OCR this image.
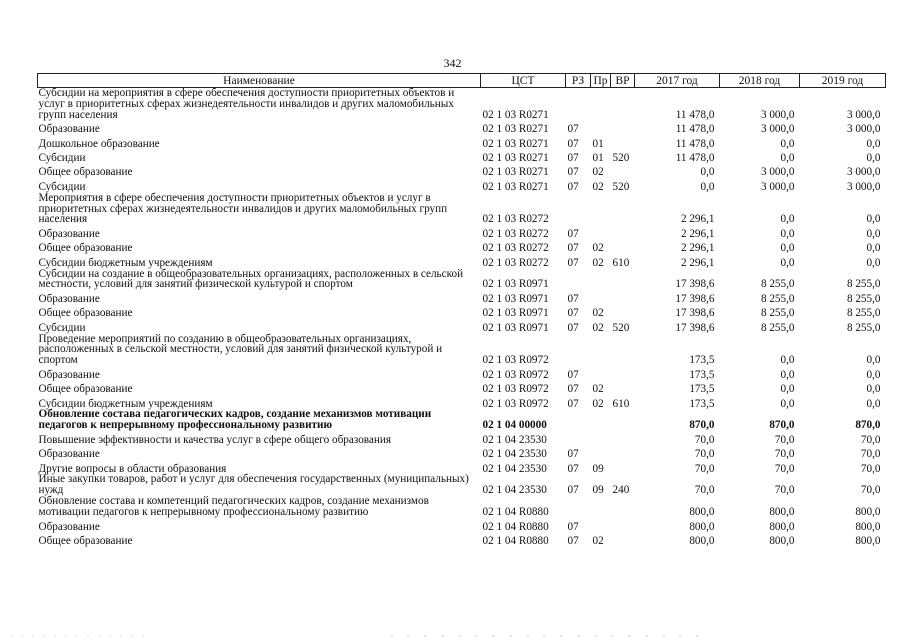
342
Наименование	ЦСТ	РЗ	Пр	ВР	2017 год	2018 год	2019 год
Субсидии на мероприятия в сфере обеспечения доступности приоритетных объектов и услуг в приоритетных сферах жизнедеятельности инвалидов и других маломобильных групп населения	02 1 03 R0271				11 478,0	3 000,0	3 000,0
Образование	02 1 03 R0271	07			11 478,0	3 000,0	3 000,0
Дошкольное образование	02 1 03 R0271	07	01		11 478,0	0,0	0,0
Субсидии	02 1 03 R0271	07	01	520	11 478,0	0,0	0,0
Общее образование	02 1 03 R0271	07	02		0,0	3 000,0	3 000,0
Субсидии	02 1 03 R0271	07	02	520	0,0	3 000,0	3 000,0
Мероприятия в сфере обеспечения доступности приоритетных объектов и услуг в приоритетных сферах жизнедеятельности инвалидов и других маломобильных групп населения	02 1 03 R0272				2 296,1	0,0	0,0
Образование	02 1 03 R0272	07			2 296,1	0,0	0,0
Общее образование	02 1 03 R0272	07	02		2 296,1	0,0	0,0
Субсидии бюджетным учреждениям	02 1 03 R0272	07	02	610	2 296,1	0,0	0,0
Субсидии на создание в общеобразовательных организациях, расположенных в сельской местности, условий для занятий физической культурой и спортом	02 1 03 R0971				17 398,6	8 255,0	8 255,0
Образование	02 1 03 R0971	07			17 398,6	8 255,0	8 255,0
Общее образование	02 1 03 R0971	07	02		17 398,6	8 255,0	8 255,0
Субсидии	02 1 03 R0971	07	02	520	17 398,6	8 255,0	8 255,0
Проведение мероприятий по созданию в общеобразовательных организациях, расположенных в сельской местности, условий для занятий физической культурой и спортом	02 1 03 R0972				173,5	0,0	0,0
Образование	02 1 03 R0972	07			173,5	0,0	0,0
Общее образование	02 1 03 R0972	07	02		173,5	0,0	0,0
Субсидии бюджетным учреждениям	02 1 03 R0972	07	02	610	173,5	0,0	0,0
Обновление состава педагогических кадров, создание механизмов мотивации педагогов к непрерывному профессиональному развитию	02 1 04 00000				870,0	870,0	870,0
Повышение эффективности и качества услуг в сфере общего образования	02 1 04 23530				70,0	70,0	70,0
Образование	02 1 04 23530	07			70,0	70,0	70,0
Другие вопросы в области образования	02 1 04 23530	07	09		70,0	70,0	70,0
Иные закупки товаров, работ и услуг для обеспечения государственных (муниципальных) нужд	02 1 04 23530	07	09	240	70,0	70,0	70,0
Обновление состава и компетенций педагогических кадров, создание механизмов мотивации педагогов к непрерывному профессиональному развитию	02 1 04 R0880				800,0	800,0	800,0
Образование	02 1 04 R0880	07			800,0	800,0	800,0
Общее образование	02 1 04 R0880	07	02		800,0	800,0	800,0
